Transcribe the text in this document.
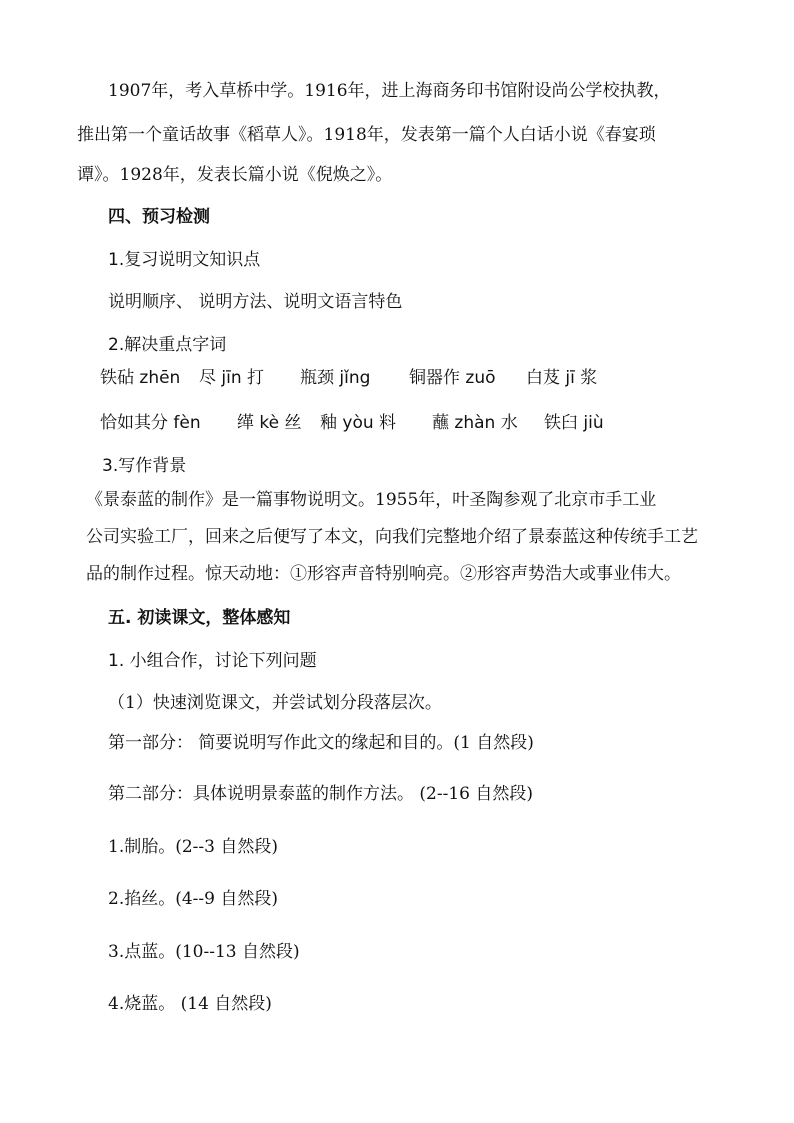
1907年，考入草桥中学。1916年，进上海商务印书馆附设尚公学校执教，
推出第一个童话故事《稻草人》。1918年，发表第一篇个人白话小说《春宴琐
谭》。1928年，发表长篇小说《倪焕之》。
四、预习检测
1.复习说明文知识点
说明顺序、 说明方法、说明文语言特色
2.解决重点字词
铁砧 zhēn 尽 jīn 打 瓶颈 jǐng 铜器作 zuō 白芨 jī 浆
恰如其分 fèn 缂 kè 丝 釉 yòu 料 蘸 zhàn 水 铁臼 jiù
3.写作背景
《景泰蓝的制作》是一篇事物说明文。1955年，叶圣陶参观了北京市手工业
公司实验工厂，回来之后便写了本文，向我们完整地介绍了景泰蓝这种传统手工艺
品的制作过程。惊天动地：①形容声音特别响亮。②形容声势浩大或事业伟大。
五. 初读课文，整体感知
1. 小组合作，讨论下列问题
（1）快速浏览课文，并尝试划分段落层次。
第一部分： 简要说明写作此文的缘起和目的。(1 自然段)
第二部分：具体说明景泰蓝的制作方法。 (2--16 自然段)
1.制胎。(2--3 自然段)
2.掐丝。(4--9 自然段)
3.点蓝。(10--13 自然段)
4.烧蓝。 (14 自然段)
